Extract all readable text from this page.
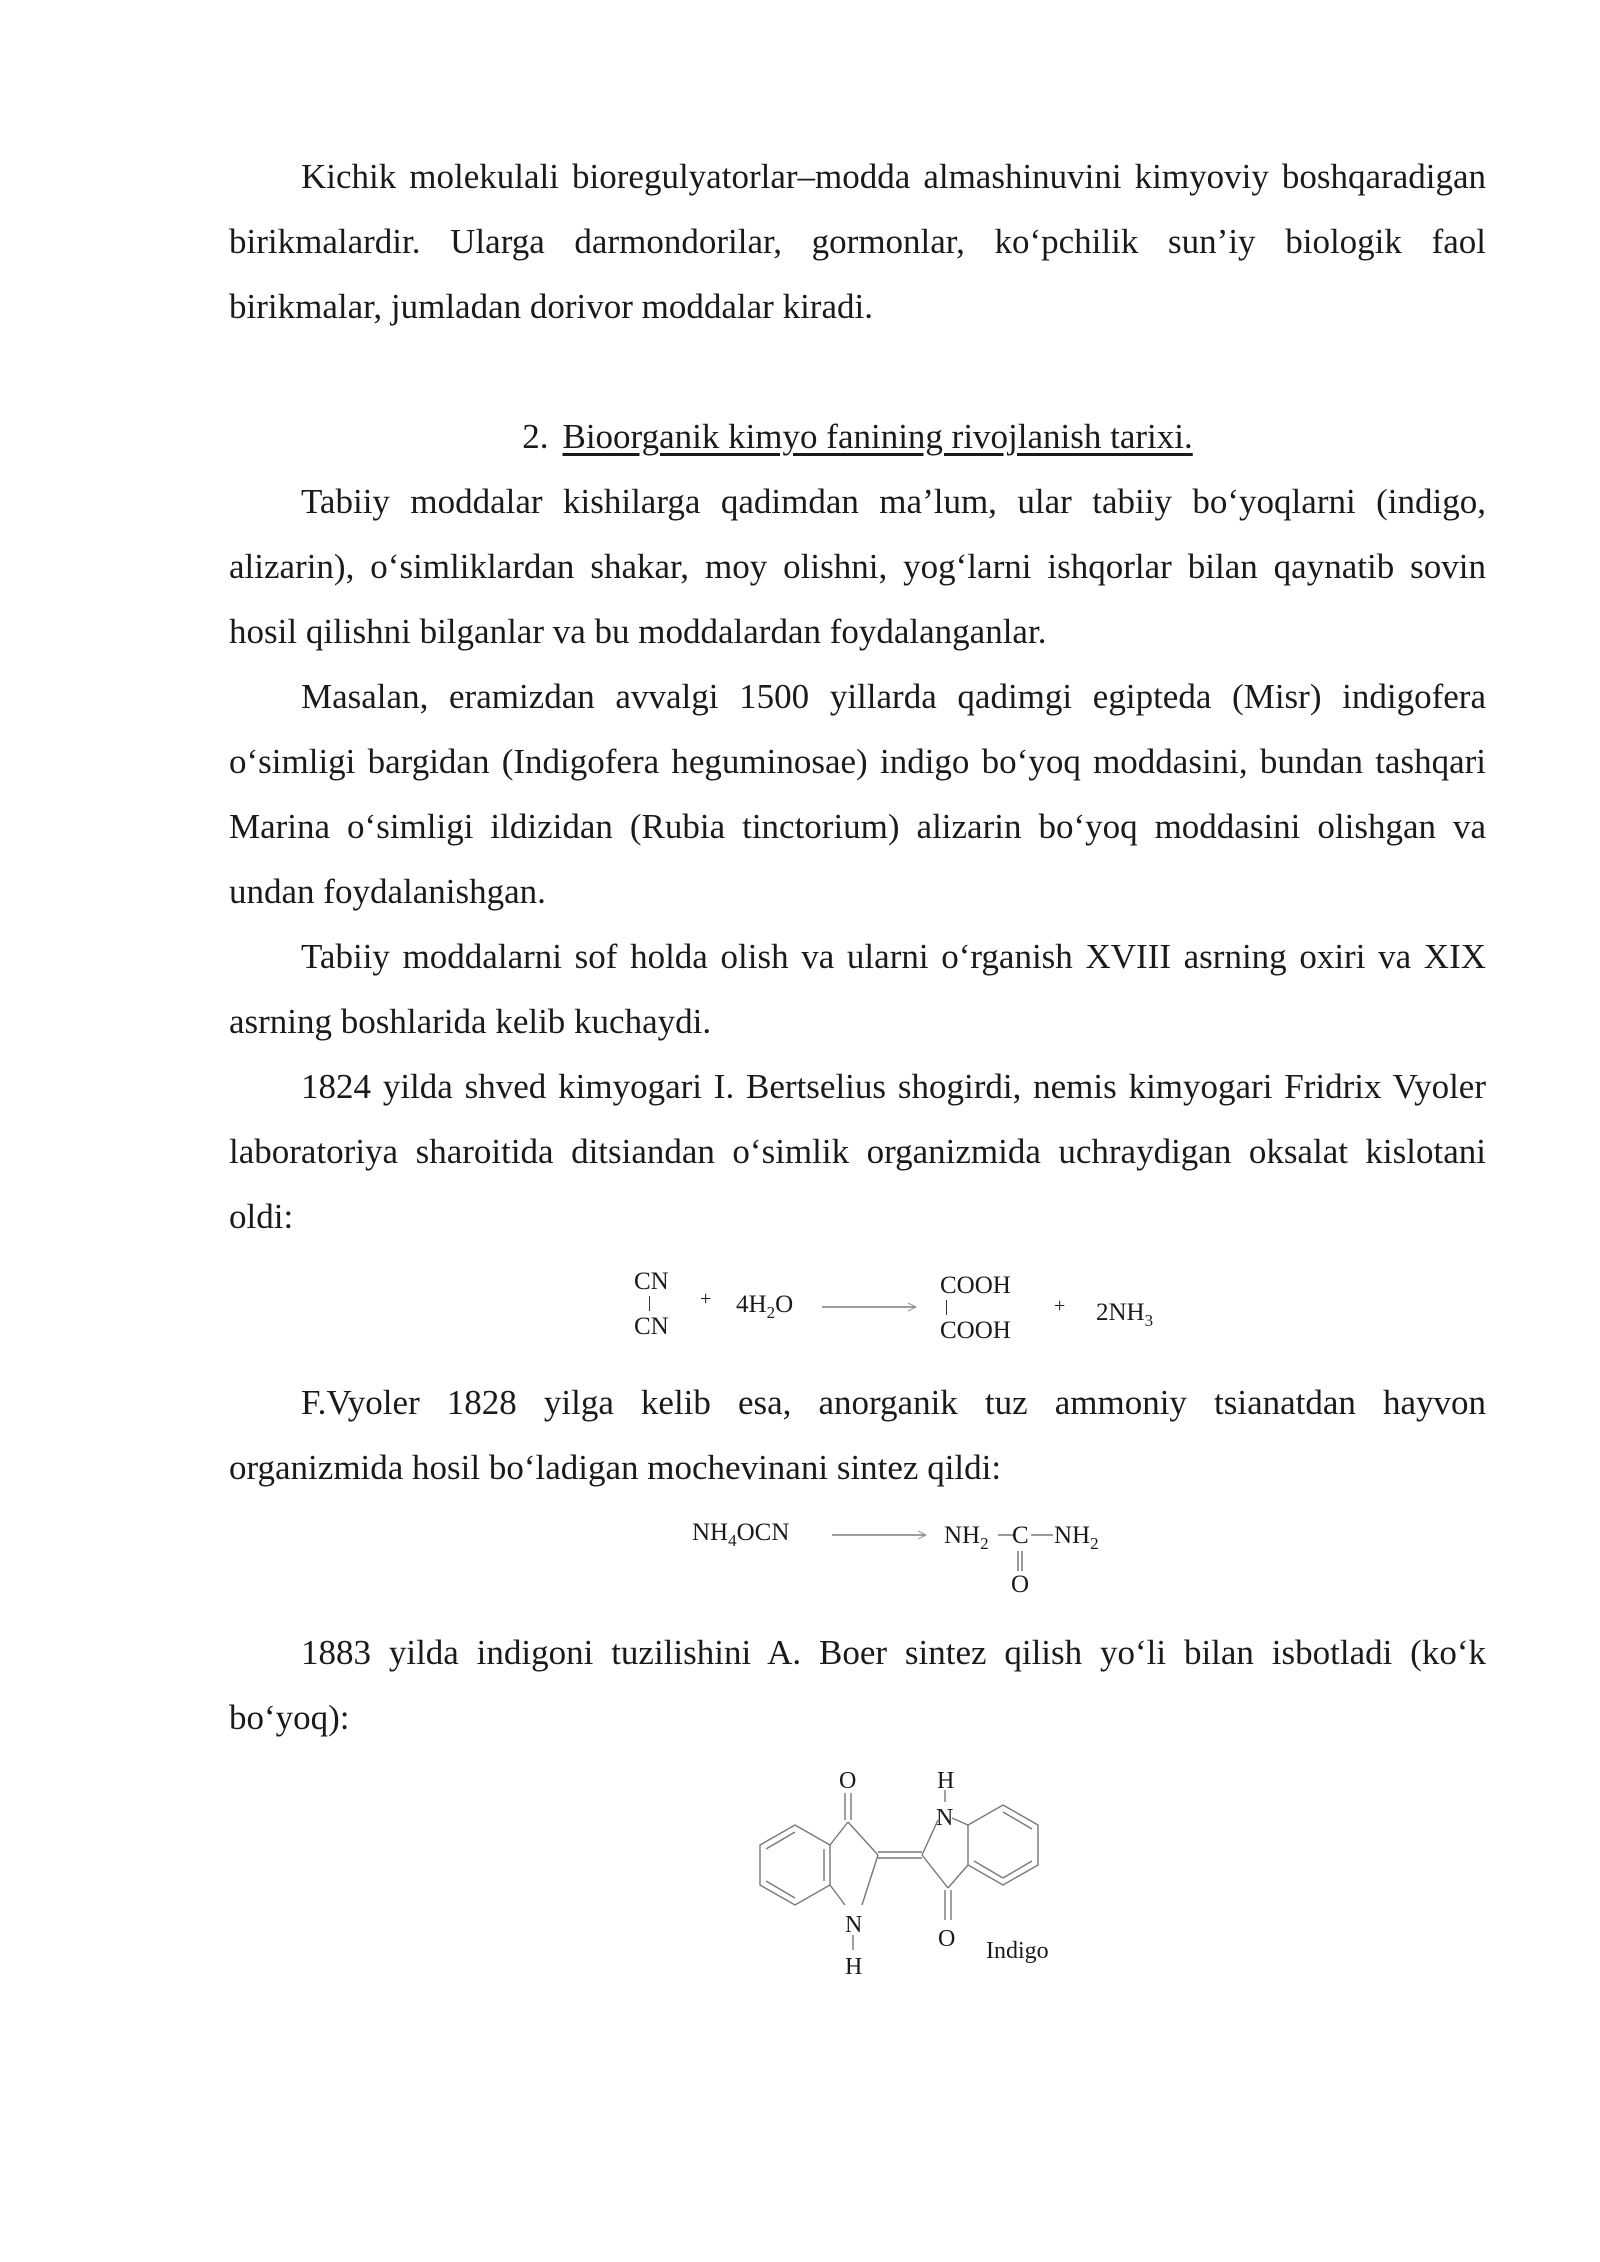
Kichik molekulali bioregulyatorlar–modda almashinuvini kimyoviy boshqaradigan birikmalardir. Ularga darmondorilar, gormonlar, ko‘pchilik sun’iy biologik faol birikmalar, jumladan dorivor moddalar kiradi.

2. Bioorganik kimyo fanining rivojlanish tarixi.

Tabiiy moddalar kishilarga qadimdan ma’lum, ular tabiiy bo‘yoqlarni (indigo, alizarin), o‘simliklardan shakar, moy olishni, yog‘larni ishqorlar bilan qaynatib sovin hosil qilishni bilganlar va bu moddalardan foydalanganlar.

Masalan, eramizdan avvalgi 1500 yillarda qadimgi egipteda (Misr) indigofera o‘simligi bargidan (Indigofera heguminosae) indigo bo‘yoq moddasini, bundan tashqari Marina o‘simligi ildizidan (Rubia tinctorium) alizarin bo‘yoq moddasini olishgan va undan foydalanishgan.

Tabiiy moddalarni sof holda olish va ularni o‘rganish XVIII asrning oxiri va XIX asrning boshlarida kelib kuchaydi.

1824 yilda shved kimyogari I. Bertselius shogirdi, nemis kimyogari Fridrix Vyoler laboratoriya sharoitida ditsiandan o‘simlik organizmida uchraydigan oksalat kislotani oldi:

CN
CN
+ $4H_2O$
COOH
COOH
+ $2NH_3$

F.Vyoler 1828 yilga kelib esa, anorganik tuz ammoniy tsianatdan hayvon organizmida hosil bo‘ladigan mochevinani sintez qildi:

$NH_4OCN$	$NH_2$ C $NH_2$
O

1883 yilda indigoni tuzilishini A. Boer sintez qilish yo‘li bilan isbotladi (ko‘k bo‘yoq):

O	H
N
N
H
O Indigo
